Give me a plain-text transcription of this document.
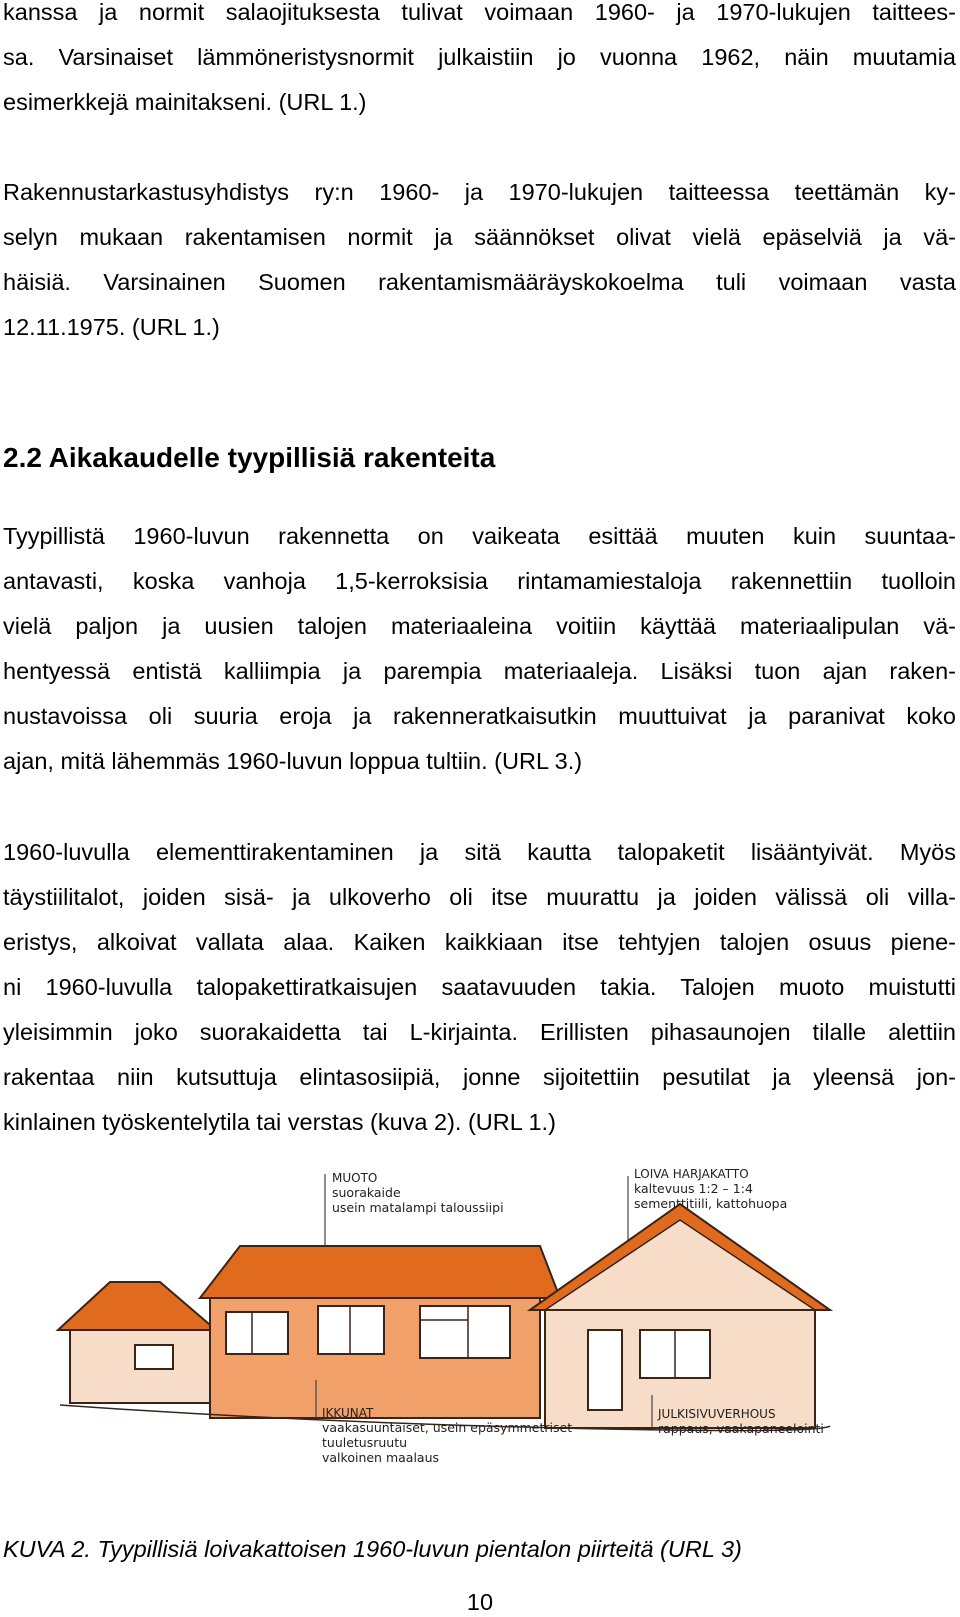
kanssa ja normit salaojituksesta tulivat voimaan 1960- ja 1970-lukujen taittees-

sa. Varsinaiset lämmöneristysnormit julkaistiin jo vuonna 1962, näin muutamia

esimerkkejä mainitakseni. (URL 1.)

Rakennustarkastusyhdistys ry:n 1960- ja 1970-lukujen taitteessa teettämän ky-

selyn mukaan rakentamisen normit ja säännökset olivat vielä epäselviä ja vä-

häisiä. Varsinainen Suomen rakentamismääräyskokoelma tuli voimaan vasta

12.11.1975. (URL 1.)

2.2 Aikakaudelle tyypillisiä rakenteita

Tyypillistä 1960-luvun rakennetta on vaikeata esittää muuten kuin suuntaa-

antavasti, koska vanhoja 1,5-kerroksisia rintamamiestaloja rakennettiin tuolloin

vielä paljon ja uusien talojen materiaaleina voitiin käyttää materiaalipulan vä-

hentyessä entistä kalliimpia ja parempia materiaaleja. Lisäksi tuon ajan raken-

nustavoissa oli suuria eroja ja rakenneratkaisutkin muuttuivat ja paranivat koko

ajan, mitä lähemmäs 1960-luvun loppua tultiin. (URL 3.)

1960-luvulla elementtirakentaminen ja sitä kautta talopaketit lisääntyivät. Myös

täystiilitalot, joiden sisä- ja ulkoverho oli itse muurattu ja joiden välissä oli villa-

eristys, alkoivat vallata alaa. Kaiken kaikkiaan itse tehtyjen talojen osuus piene-

ni 1960-luvulla talopakettiratkaisujen saatavuuden takia. Talojen muoto muistutti

yleisimmin joko suorakaidetta tai L-kirjainta. Erillisten pihasaunojen tilalle alettiin

rakentaa niin kutsuttuja elintasosiipiä, jonne sijoitettiin pesutilat ja yleensä jon-

kinlainen työskentelytila tai verstas (kuva 2). (URL 1.)

MUOTO
suorakaide
usein matalampi taloussiipi
LOIVA HARJAKATTO
kaltevuus 1:2 – 1:4
sementtitiili, kattohuopa
IKKUNAT
vaakasuuntaiset, usein epäsymmetriset
tuuletusruutu
valkoinen maalaus
JULKISIVUVERHOUS
rappaus, vaakapaneelointi

KUVA 2. Tyypillisiä loivakattoisen 1960-luvun pientalon piirteitä (URL 3)

10
